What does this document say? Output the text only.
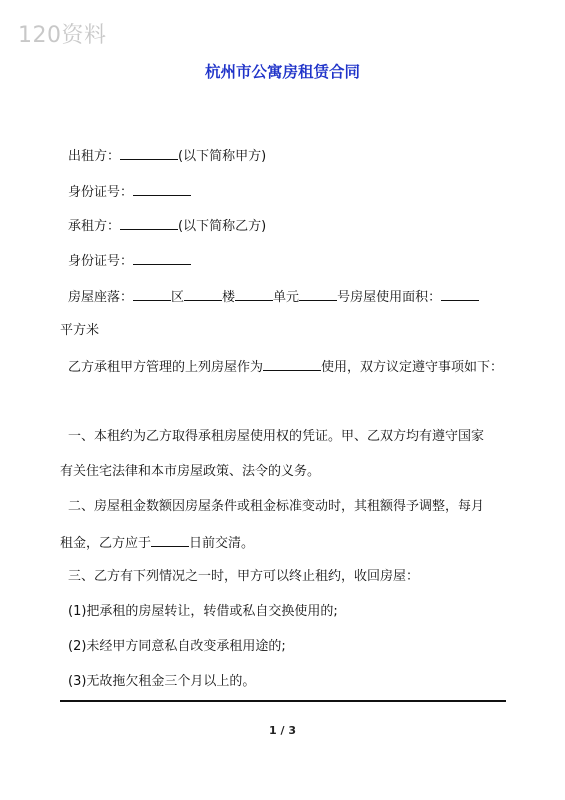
120资料
杭州市公寓房租赁合同
出租方：	(以下简称甲方)
身份证号：
承租方：	(以下简称乙方)
身份证号：
房屋座落：	区	楼	单元	号房屋使用面积：
平方米
乙方承租甲方管理的上列房屋作为	使用，双方议定遵守事项如下：
一、本租约为乙方取得承租房屋使用权的凭证。甲、乙双方均有遵守国家
有关住宅法律和本市房屋政策、法令的义务。
二、房屋租金数额因房屋条件或租金标准变动时，其租额得予调整，每月
租金，乙方应于	日前交清。
三、乙方有下列情况之一时，甲方可以终止租约，收回房屋：
(1)把承租的房屋转让，转借或私自交换使用的;
(2)未经甲方同意私自改变承租用途的;
(3)无故拖欠租金三个月以上的。
1 / 3
